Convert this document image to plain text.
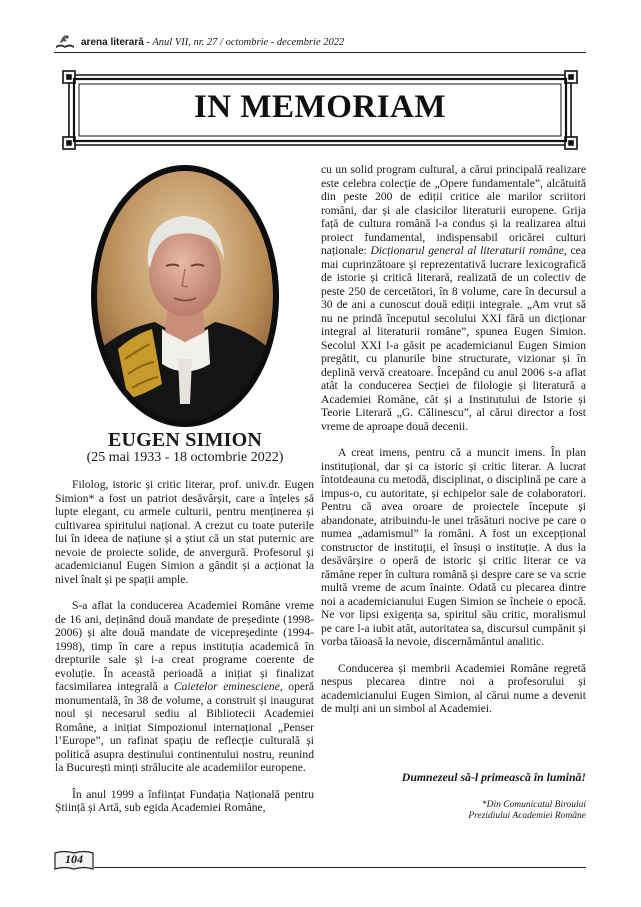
arena literară - Anul VII, nr. 27 / octombrie - decembrie 2022
IN MEMORIAM
EUGEN SIMION
(25 mai 1933 - 18 octombrie 2022)

Filolog, istoric și critic literar, prof. univ.dr. Eugen Simion* a fost un patriot desăvârșit, care a înțeles să lupte elegant, cu armele culturii, pentru menținerea și cultivarea spiritului național. A crezut cu toate puterile lui în ideea de națiune și a știut că un stat puternic are nevoie de proiecte solide, de anvergură. Profesorul și academicianul Eugen Simion a gândit și a acționat la nivel înalt și pe spații ample.

S-a aflat la conducerea Academiei Române vreme de 16 ani, deținând două mandate de președinte (1998-2006) și alte două mandate de vicepreședinte (1994-1998), timp în care a repus instituția academică în drepturile sale și i-a creat programe coerente de evoluție. În această perioadă a inițiat și finalizat facsimilarea integrală a Caietelor eminesciene, operă monumentală, în 38 de volume, a construit și inaugurat noul și necesarul sediu al Bibliotecii Academiei Române, a inițiat Simpozionul internațional „Penser l’Europe”, un rafinat spațiu de reflecție culturală și politică asupra destinului continentului nostru, reunind la București minți strălucite ale academiilor europene.

În anul 1999 a înființat Fundația Națională pentru Știință și Artă, sub egida Academiei Române,

cu un solid program cultural, a cărui principală realizare este celebra colecție de „Opere fundamentale”, alcătuită din peste 200 de ediții critice ale marilor scriitori români, dar și ale clasicilor literaturii europene. Grija față de cultura română l-a condus și la realizarea altui proiect fundamental, indispensabil oricărei culturi naționale: Dicționarul general al literaturii române, cea mai cuprinzătoare și reprezentativă lucrare lexicografică de istorie și critică literară, realizată de un colectiv de peste 250 de cercetători, în 8 volume, care în decursul a 30 de ani a cunoscut două ediții integrale. „Am vrut să nu ne prindă începutul secolului XXI fără un dicționar integral al literaturii române”, spunea Eugen Simion. Secolul XXI l-a găsit pe academicianul Eugen Simion pregătit, cu planurile bine structurate, vizionar și în deplină vervă creatoare. Începând cu anul 2006 s-a aflat atât la conducerea Secției de filologie și literatură a Academiei Române, cât și a Institutului de Istorie și Teorie Literară „G. Călinescu”, al cărui director a fost vreme de aproape două decenii.

A creat imens, pentru că a muncit imens. În plan instituțional, dar și ca istoric și critic literar. A lucrat întotdeauna cu metodă, disciplinat, o disciplină pe care a impus-o, cu autoritate, și echipelor sale de colaboratori. Pentru că avea oroare de proiectele începute și abandonate, atribuindu-le unei trăsături nocive pe care o numea „adamismul” la români. A fost un excepțional constructor de instituții, el însuși o instituție. A dus la desăvârșire o operă de istoric și critic literar ce va rămâne reper în cultura română și despre care se va scrie multă vreme de acum înainte. Odată cu plecarea dintre noi a academicianului Eugen Simion se încheie o epocă. Ne vor lipsi exigența sa, spiritul său critic, moralismul pe care l-a iubit atât, autoritatea sa, discursul cumpănit și vorba tăioasă la nevoie, discernământul analitic.

Conducerea și membrii Academiei Române regretă nespus plecarea dintre noi a profesorului și academicianului Eugen Simion, al cărui nume a devenit de mulți ani un simbol al Academiei.

Dumnezeul să-l primească în lumină!
*Din Comunicatul Biroului
Prezidiului Academiei Române
104
